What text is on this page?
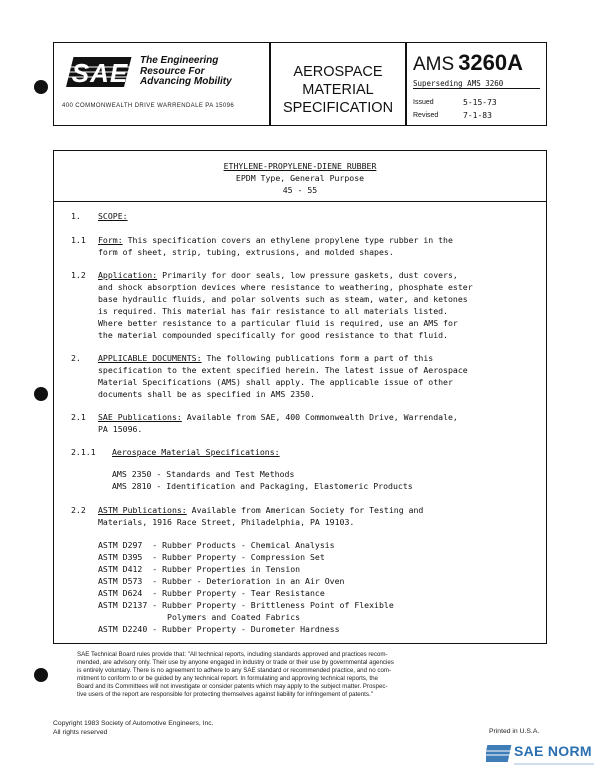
SAE The Engineering
Resource For
Advancing Mobility
400 COMMONWEALTH DRIVE WARRENDALE PA 15096
AEROSPACE
MATERIAL
SPECIFICATION
AMS 3260A
Superseding AMS 3260
Issued	5-15-73
Revised	7-1-83
ETHYLENE-PROPYLENE-DIENE RUBBER
EPDM Type, General Purpose
45 - 55
1. SCOPE:
1.1 Form: This specification covers an ethylene propylene type rubber in the
form of sheet, strip, tubing, extrusions, and molded shapes.
1.2 Application: Primarily for door seals, low pressure gaskets, dust covers,
and shock absorption devices where resistance to weathering, phosphate ester
base hydraulic fluids, and polar solvents such as steam, water, and ketones
is required. This material has fair resistance to all materials listed.
Where better resistance to a particular fluid is required, use an AMS for
the material compounded specifically for good resistance to that fluid.
2. APPLICABLE DOCUMENTS: The following publications form a part of this
specification to the extent specified herein. The latest issue of Aerospace
Material Specifications (AMS) shall apply. The applicable issue of other
documents shall be as specified in AMS 2350.
2.1 SAE Publications: Available from SAE, 400 Commonwealth Drive, Warrendale,
PA 15096.
2.1.1 Aerospace Material Specifications:
AMS 2350 - Standards and Test Methods
AMS 2810 - Identification and Packaging, Elastomeric Products
2.2 ASTM Publications: Available from American Society for Testing and
Materials, 1916 Race Street, Philadelphia, PA 19103.
ASTM D297  - Rubber Products - Chemical Analysis
ASTM D395  - Rubber Property - Compression Set
ASTM D412  - Rubber Properties in Tension
ASTM D573  - Rubber - Deterioration in an Air Oven
ASTM D624  - Rubber Property - Tear Resistance
ASTM D2137 - Rubber Property - Brittleness Point of Flexible
Polymers and Coated Fabrics
ASTM D2240 - Rubber Property - Durometer Hardness
SAE Technical Board rules provide that: "All technical reports, including standards approved and practices recom-
mended, are advisory only. Their use by anyone engaged in industry or trade or their use by governmental agencies
is entirely voluntary. There is no agreement to adhere to any SAE standard or recommended practice, and no com-
mitment to conform to or be guided by any technical report. In formulating and approving technical reports, the
Board and its Committees will not investigate or consider patents which may apply to the subject matter. Prospec-
tive users of the report are responsible for protecting themselves against liability for infringement of patents."
Copyright 1983 Society of Automotive Engineers, Inc.
All rights reserved	Printed in U.S.A.
SAE NORM
